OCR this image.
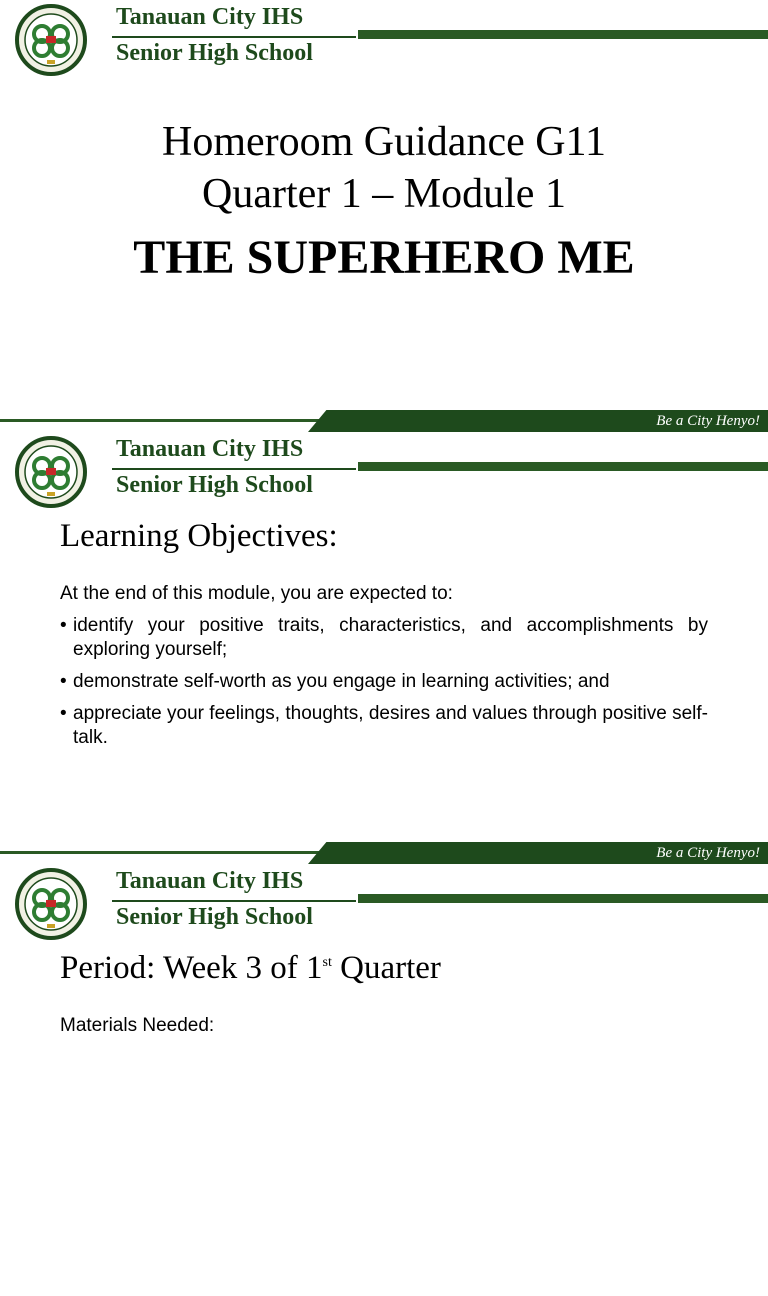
Tanauan City IHS
Senior High School
Homeroom Guidance G11
Quarter 1 – Module 1
THE SUPERHERO ME
Be a City Henyo!
Tanauan City IHS
Senior High School
Learning Objectives:
At the end of this module, you are expected to:
• identify your positive traits, characteristics, and accomplishments by exploring yourself;
• demonstrate self-worth as you engage in learning activities; and
• appreciate your feelings, thoughts, desires and values through positive self-talk.
Be a City Henyo!
Tanauan City IHS
Senior High School
Period: Week 3 of 1st Quarter
Materials Needed:
